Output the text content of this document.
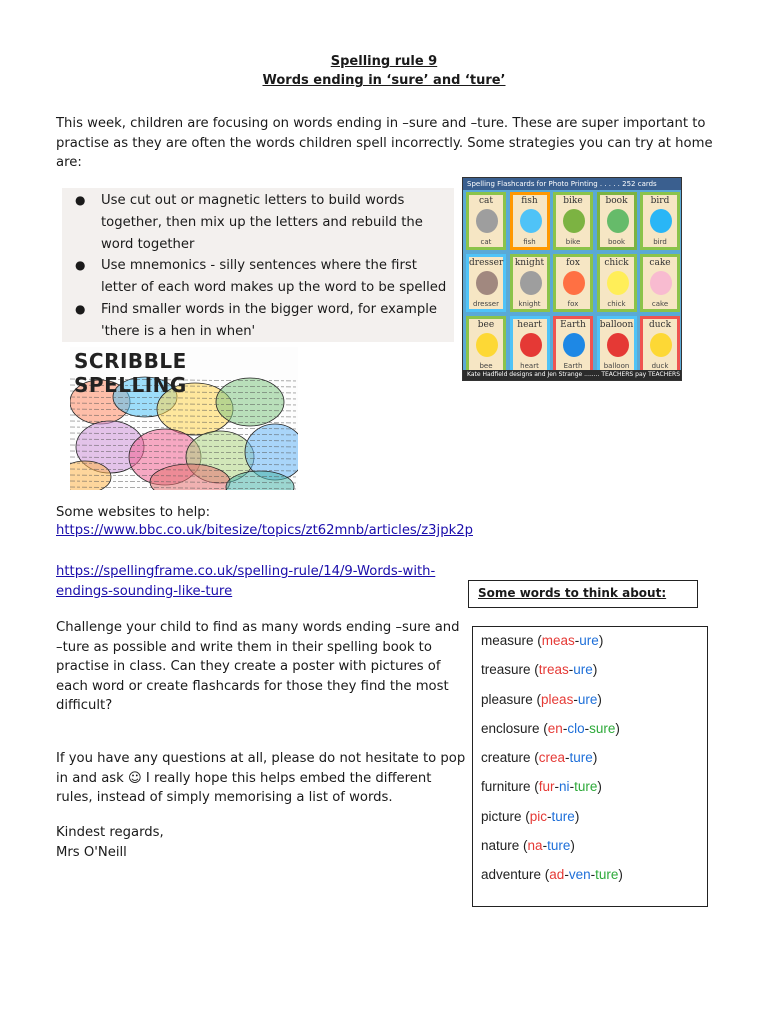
Spelling rule 9
Words ending in ‘sure’ and ‘ture’

This week, children are focusing on words ending in –sure and –ture. These are super important to practise as they are often the words children spell incorrectly. Some strategies you can try at home are:

● Use cut out or magnetic letters to build words together, then mix up the letters and rebuild the word together
● Use mnemonics - silly sentences where the first letter of each word makes up the word to be spelled
● Find smaller words in the bigger word, for example 'there is a hen in when'
Spelling Flashcards for Photo Printing . . . . . 252 cards
cat
cat
fish
fish
bike
bike
book
book
bird
bird
dresser
dresser
knight
knight
fox
fox
chick
chick
cake
cake
bee
bee
heart
heart
Earth
Earth
balloon
balloon
duck
duck
Kate Hadfield designs and Jen Strange ........ TEACHERS pay TEACHERS
SCRIBBLE SPELLING
Some websites to help:
https://www.bbc.co.uk/bitesize/topics/zt62mnb/articles/z3jpk2p
https://spellingframe.co.uk/spelling-rule/14/9-Words-with-endings-sounding-like-ture	Some words to think about:

Challenge your child to find as many words ending –sure and –ture as possible and write them in their spelling book to practise in class. Can they create a poster with pictures of each word or create flashcards for those they find the most difficult?

If you have any questions at all, please do not hesitate to pop in and ask ☺ I really hope this helps embed the different rules, instead of simply memorising a list of words.

Kindest regards,
Mrs O'Neill
measure (meas-ure)
treasure (treas-ure)
pleasure (pleas-ure)
enclosure (en-clo-sure)
creature (crea-ture)
furniture (fur-ni-ture)
picture (pic-ture)
nature (na-ture)
adventure (ad-ven-ture)
